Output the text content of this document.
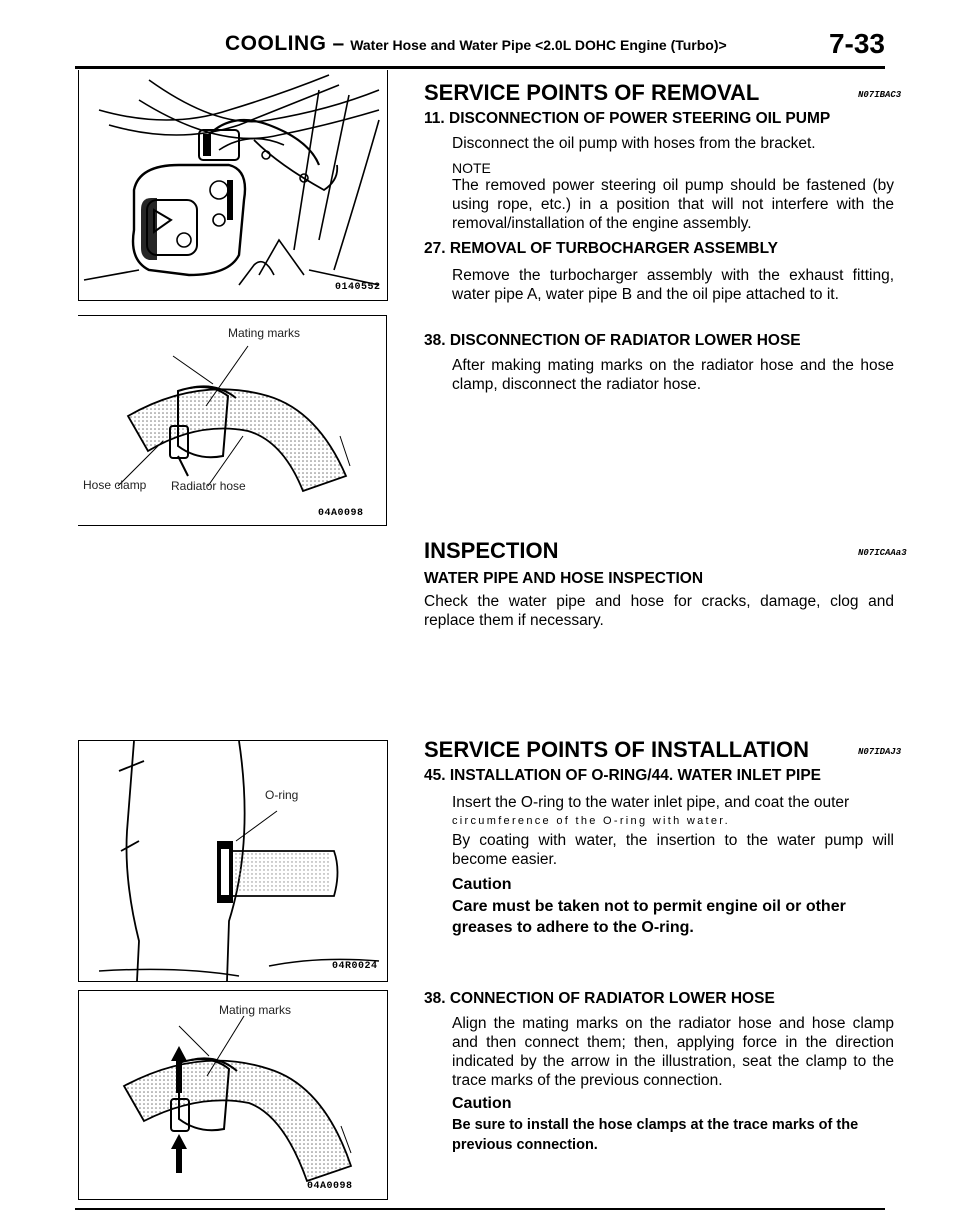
COOLING – Water Hose and Water Pipe <2.0L DOHC Engine (Turbo)>	7-33
0140552
Mating marks
Hose clamp Radiator hose
04A0098
O-ring
04R0024
Mating marks
04A0098
SERVICE POINTS OF REMOVAL	N07IBAC3
11. DISCONNECTION OF POWER STEERING OIL PUMP
Disconnect the oil pump with hoses from the bracket.
NOTE
The removed power steering oil pump should be fastened (by using rope, etc.) in a position that will not interfere with the removal/installation of the engine assembly.
27. REMOVAL OF TURBOCHARGER ASSEMBLY
Remove the turbocharger assembly with the exhaust fitting, water pipe A, water pipe B and the oil pipe attached to it.
38. DISCONNECTION OF RADIATOR LOWER HOSE
After making mating marks on the radiator hose and the hose clamp, disconnect the radiator hose.
INSPECTION	N07ICAAa3
WATER PIPE AND HOSE INSPECTION
Check the water pipe and hose for cracks, damage, clog and replace them if necessary.
SERVICE POINTS OF INSTALLATION	N07IDAJ3
45. INSTALLATION OF O-RING/44. WATER INLET PIPE
Insert the O-ring to the water inlet pipe, and coat the outer
circumference of the O-ring with water.
By coating with water, the insertion to the water pump will become easier.
Caution
Care must be taken not to permit engine oil or other greases to adhere to the O-ring.
38. CONNECTION OF RADIATOR LOWER HOSE
Align the mating marks on the radiator hose and hose clamp and then connect them; then, applying force in the direction indicated by the arrow in the illustration, seat the clamp to the trace marks of the previous connection.
Caution
Be sure to install the hose clamps at the trace marks of the previous connection.
